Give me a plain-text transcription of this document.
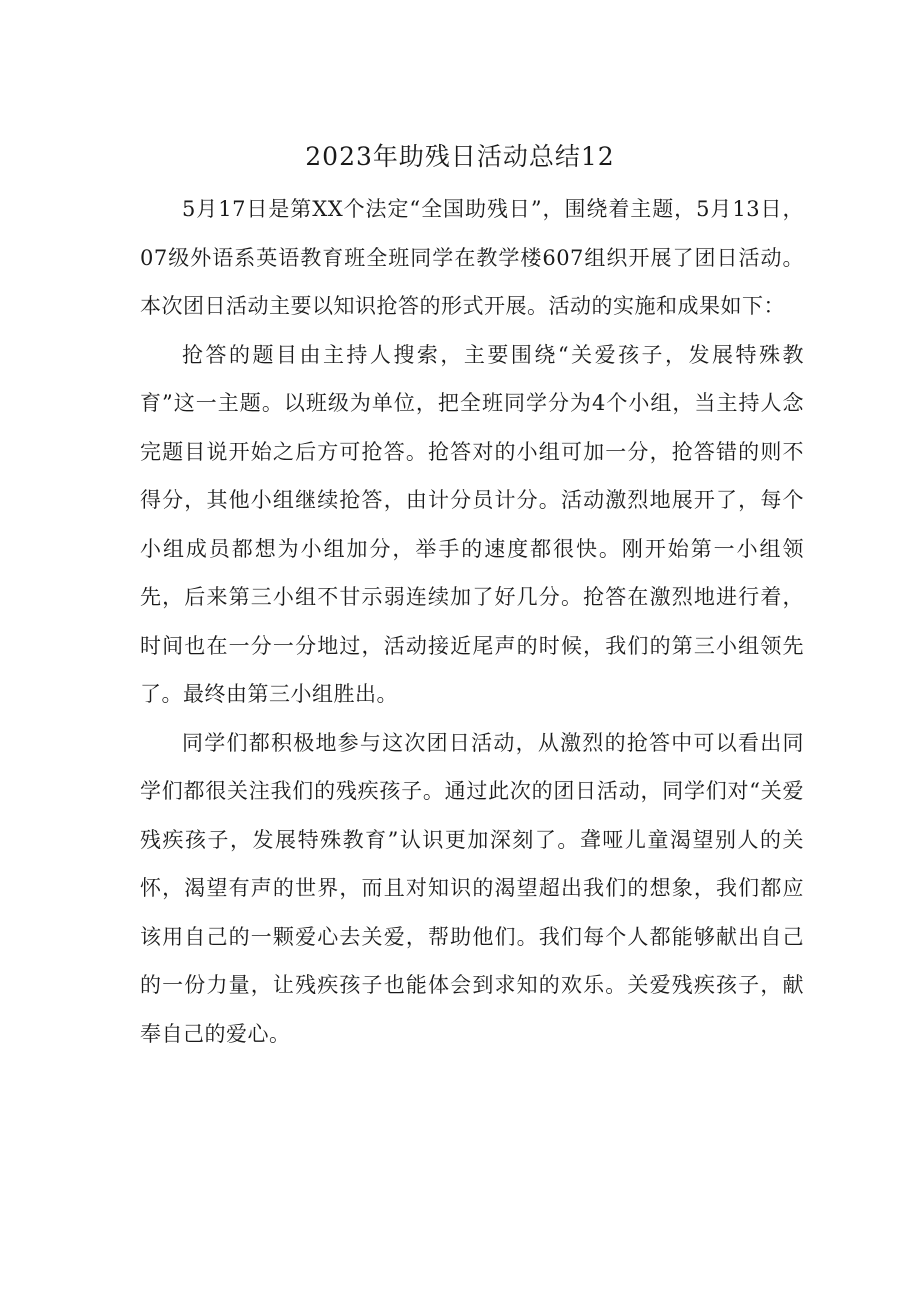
2023年助残日活动总结12

5月17日是第XX个法定“全国助残日”，围绕着主题，5月13日，07级外语系英语教育班全班同学在教学楼607组织开展了团日活动。本次团日活动主要以知识抢答的形式开展。活动的实施和成果如下：

抢答的题目由主持人搜索，主要围绕“关爱孩子，发展特殊教育”这一主题。以班级为单位，把全班同学分为4个小组，当主持人念完题目说开始之后方可抢答。抢答对的小组可加一分，抢答错的则不得分，其他小组继续抢答，由计分员计分。活动激烈地展开了，每个小组成员都想为小组加分，举手的速度都很快。刚开始第一小组领先，后来第三小组不甘示弱连续加了好几分。抢答在激烈地进行着，时间也在一分一分地过，活动接近尾声的时候，我们的第三小组领先了。最终由第三小组胜出。

同学们都积极地参与这次团日活动，从激烈的抢答中可以看出同学们都很关注我们的残疾孩子。通过此次的团日活动，同学们对“关爱残疾孩子，发展特殊教育”认识更加深刻了。聋哑儿童渴望别人的关怀，渴望有声的世界，而且对知识的渴望超出我们的想象，我们都应该用自己的一颗爱心去关爱，帮助他们。我们每个人都能够献出自己的一份力量，让残疾孩子也能体会到求知的欢乐。关爱残疾孩子，献奉自己的爱心。
